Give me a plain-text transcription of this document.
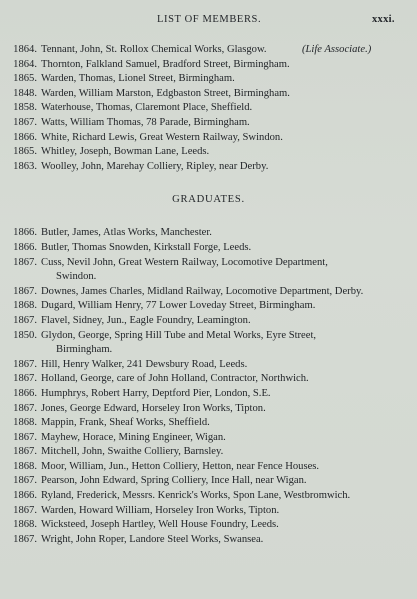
LIST OF MEMBERS.	xxxi.
1864. Tennant, John, St. Rollox Chemical Works, Glasgow.	(Life Associate.)
1864. Thornton, Falkland Samuel, Bradford Street, Birmingham.
1865. Warden, Thomas, Lionel Street, Birmingham.
1848. Warden, William Marston, Edgbaston Street, Birmingham.
1858. Waterhouse, Thomas, Claremont Place, Sheffield.
1867. Watts, William Thomas, 78 Parade, Birmingham.
1866. White, Richard Lewis, Great Western Railway, Swindon.
1865. Whitley, Joseph, Bowman Lane, Leeds.
1863. Woolley, John, Marehay Colliery, Ripley, near Derby.
GRADUATES.
1866. Butler, James, Atlas Works, Manchester.
1866. Butler, Thomas Snowden, Kirkstall Forge, Leeds.
1867. Cuss, Nevil John, Great Western Railway, Locomotive Department,
Swindon.
1867. Downes, James Charles, Midland Railway, Locomotive Department, Derby.
1868. Dugard, William Henry, 77 Lower Loveday Street, Birmingham.
1867. Flavel, Sidney, Jun., Eagle Foundry, Leamington.
1850. Glydon, George, Spring Hill Tube and Metal Works, Eyre Street,
Birmingham.
1867. Hill, Henry Walker, 241 Dewsbury Road, Leeds.
1867. Holland, George, care of John Holland, Contractor, Northwich.
1866. Humphrys, Robert Harry, Deptford Pier, London, S.E.
1867. Jones, George Edward, Horseley Iron Works, Tipton.
1868. Mappin, Frank, Sheaf Works, Sheffield.
1867. Mayhew, Horace, Mining Engineer, Wigan.
1867. Mitchell, John, Swaithe Colliery, Barnsley.
1868. Moor, William, Jun., Hetton Colliery, Hetton, near Fence Houses.
1867. Pearson, John Edward, Spring Colliery, Ince Hall, near Wigan.
1866. Ryland, Frederick, Messrs. Kenrick's Works, Spon Lane, Westbromwich.
1867. Warden, Howard William, Horseley Iron Works, Tipton.
1868. Wicksteed, Joseph Hartley, Well House Foundry, Leeds.
1867. Wright, John Roper, Landore Steel Works, Swansea.
